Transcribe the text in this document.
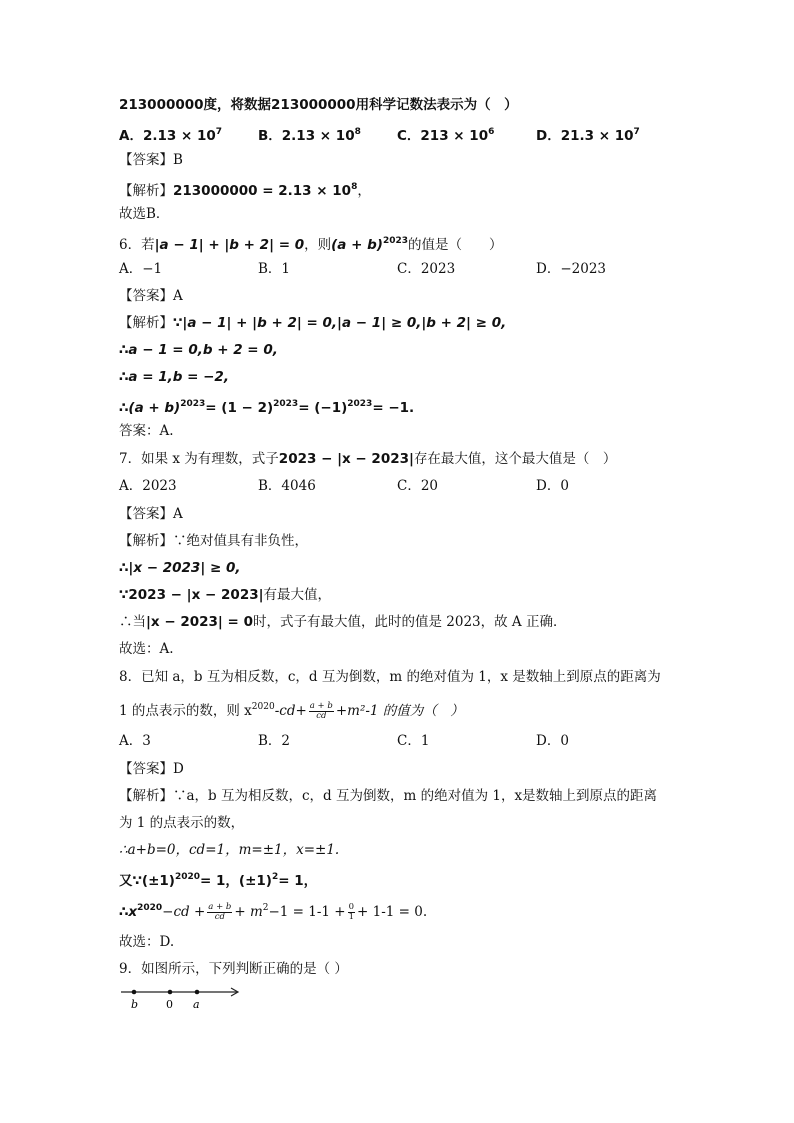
213000000度，将数据213000000用科学记数法表示为（　）
A．$2.13 \times 10^7$	B．$2.13 \times 10^8$	C．$213 \times 10^6$	D．$21.3 \times 10^7$
【答案】B
【解析】$213000000 = 2.13 \times 10^8$，
故选B．
6．若|a − 1| + |b + 2| = 0，则$(a + b)^{2023}$的值是（　　）
A．−1	B．1	C．2023	D．−2023
【答案】A
【解析】∵|a − 1| + |b + 2| = 0,|a − 1| ≥ 0,|b + 2| ≥ 0,
∴a − 1 = 0,b + 2 = 0,
∴a = 1,b = −2,
∴(a + $b)^{2023}= (1 - 2)^{2023}= (-1)^{2023}= -1$.
答案：A.
7．如果 x 为有理数，式子2023 − |x − 2023|存在最大值，这个最大值是（　）
A．2023	B．4046	C．20	D．0
【答案】A
【解析】∵绝对值具有非负性，
∴|x − 2023| ≥ 0,
∵2023 − |x − 2023|有最大值，
∴当|x − 2023| = 0时，式子有最大值，此时的值是 2023，故 A 正确．
故选：A.
8．已知 a，b 互为相反数，c，d 互为倒数，m 的绝对值为 1，x 是数轴上到原点的距离为
1 的点表示的数，则 $x^{2020}-cd+ \frac{a + b}{cd} +m^2-1$ 的值为（　）
A．3	B．2	C．1	D．0
【答案】D
【解析】∵a，b 互为相反数，c，d 互为倒数，m 的绝对值为 1，x是数轴上到原点的距离
为 1 的点表示的数，
∴a+b=0，cd=1，m=±1，x=±1.
又$\because(\pm 1)^{2020}= 1$，$(\pm 1)^2= 1$，
$\therefore x^{2020}-cd + \frac{a + b}{cd} + m^2-1 = 1-1 + \frac{0}{1} + 1-1 = 0$.
故选：D.
9．如图所示，下列判断正确的是（ ）
b	0 a
